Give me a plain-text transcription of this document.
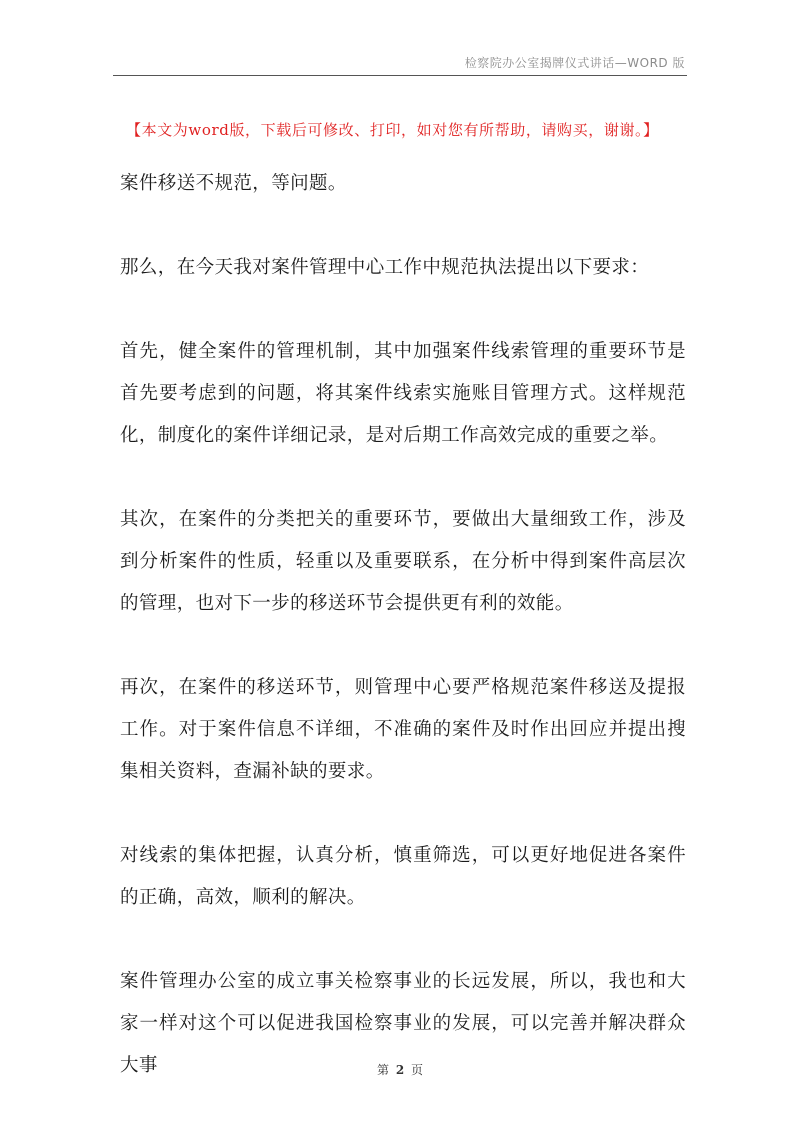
检察院办公室揭牌仪式讲话—WORD 版
【本文为word版，下载后可修改、打印，如对您有所帮助，请购买，谢谢。】

案件移送不规范，等问题。

那么，在今天我对案件管理中心工作中规范执法提出以下要求：

首先，健全案件的管理机制，其中加强案件线索管理的重要环节是首先要考虑到的问题，将其案件线索实施账目管理方式。这样规范化，制度化的案件详细记录，是对后期工作高效完成的重要之举。

其次，在案件的分类把关的重要环节，要做出大量细致工作，涉及到分析案件的性质，轻重以及重要联系，在分析中得到案件高层次的管理，也对下一步的移送环节会提供更有利的效能。

再次，在案件的移送环节，则管理中心要严格规范案件移送及提报工作。对于案件信息不详细，不准确的案件及时作出回应并提出搜集相关资料，查漏补缺的要求。

对线索的集体把握，认真分析，慎重筛选，可以更好地促进各案件的正确，高效，顺利的解决。

案件管理办公室的成立事关检察事业的长远发展，所以，我也和大家一样对这个可以促进我国检察事业的发展，可以完善并解决群众大事	第 2 页
